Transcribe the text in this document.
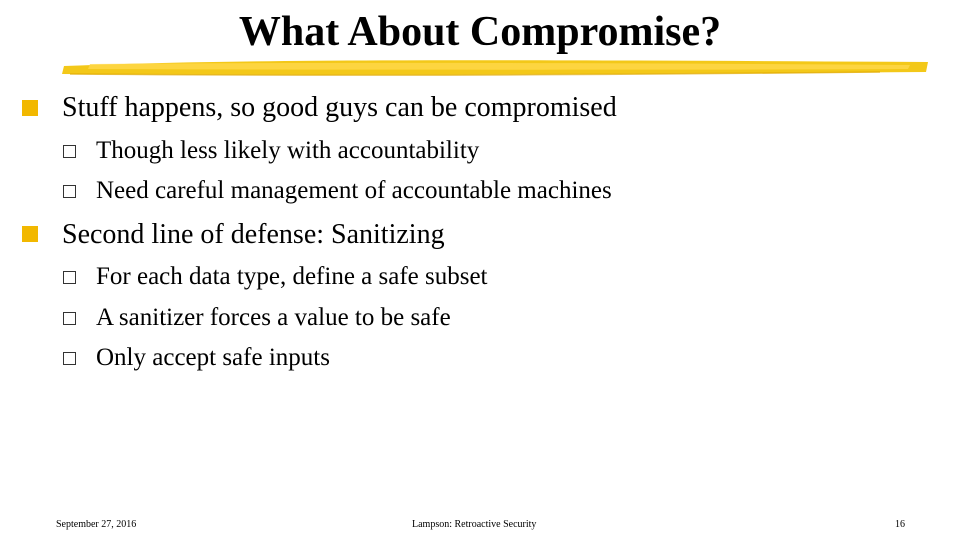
What About Compromise?
Stuff happens, so good guys can be compromised
Though less likely with accountability
Need careful management of accountable machines
Second line of defense: Sanitizing
For each data type, define a safe subset
A sanitizer forces a value to be safe
Only accept safe inputs
September 27, 2016	Lampson: Retroactive Security	16
